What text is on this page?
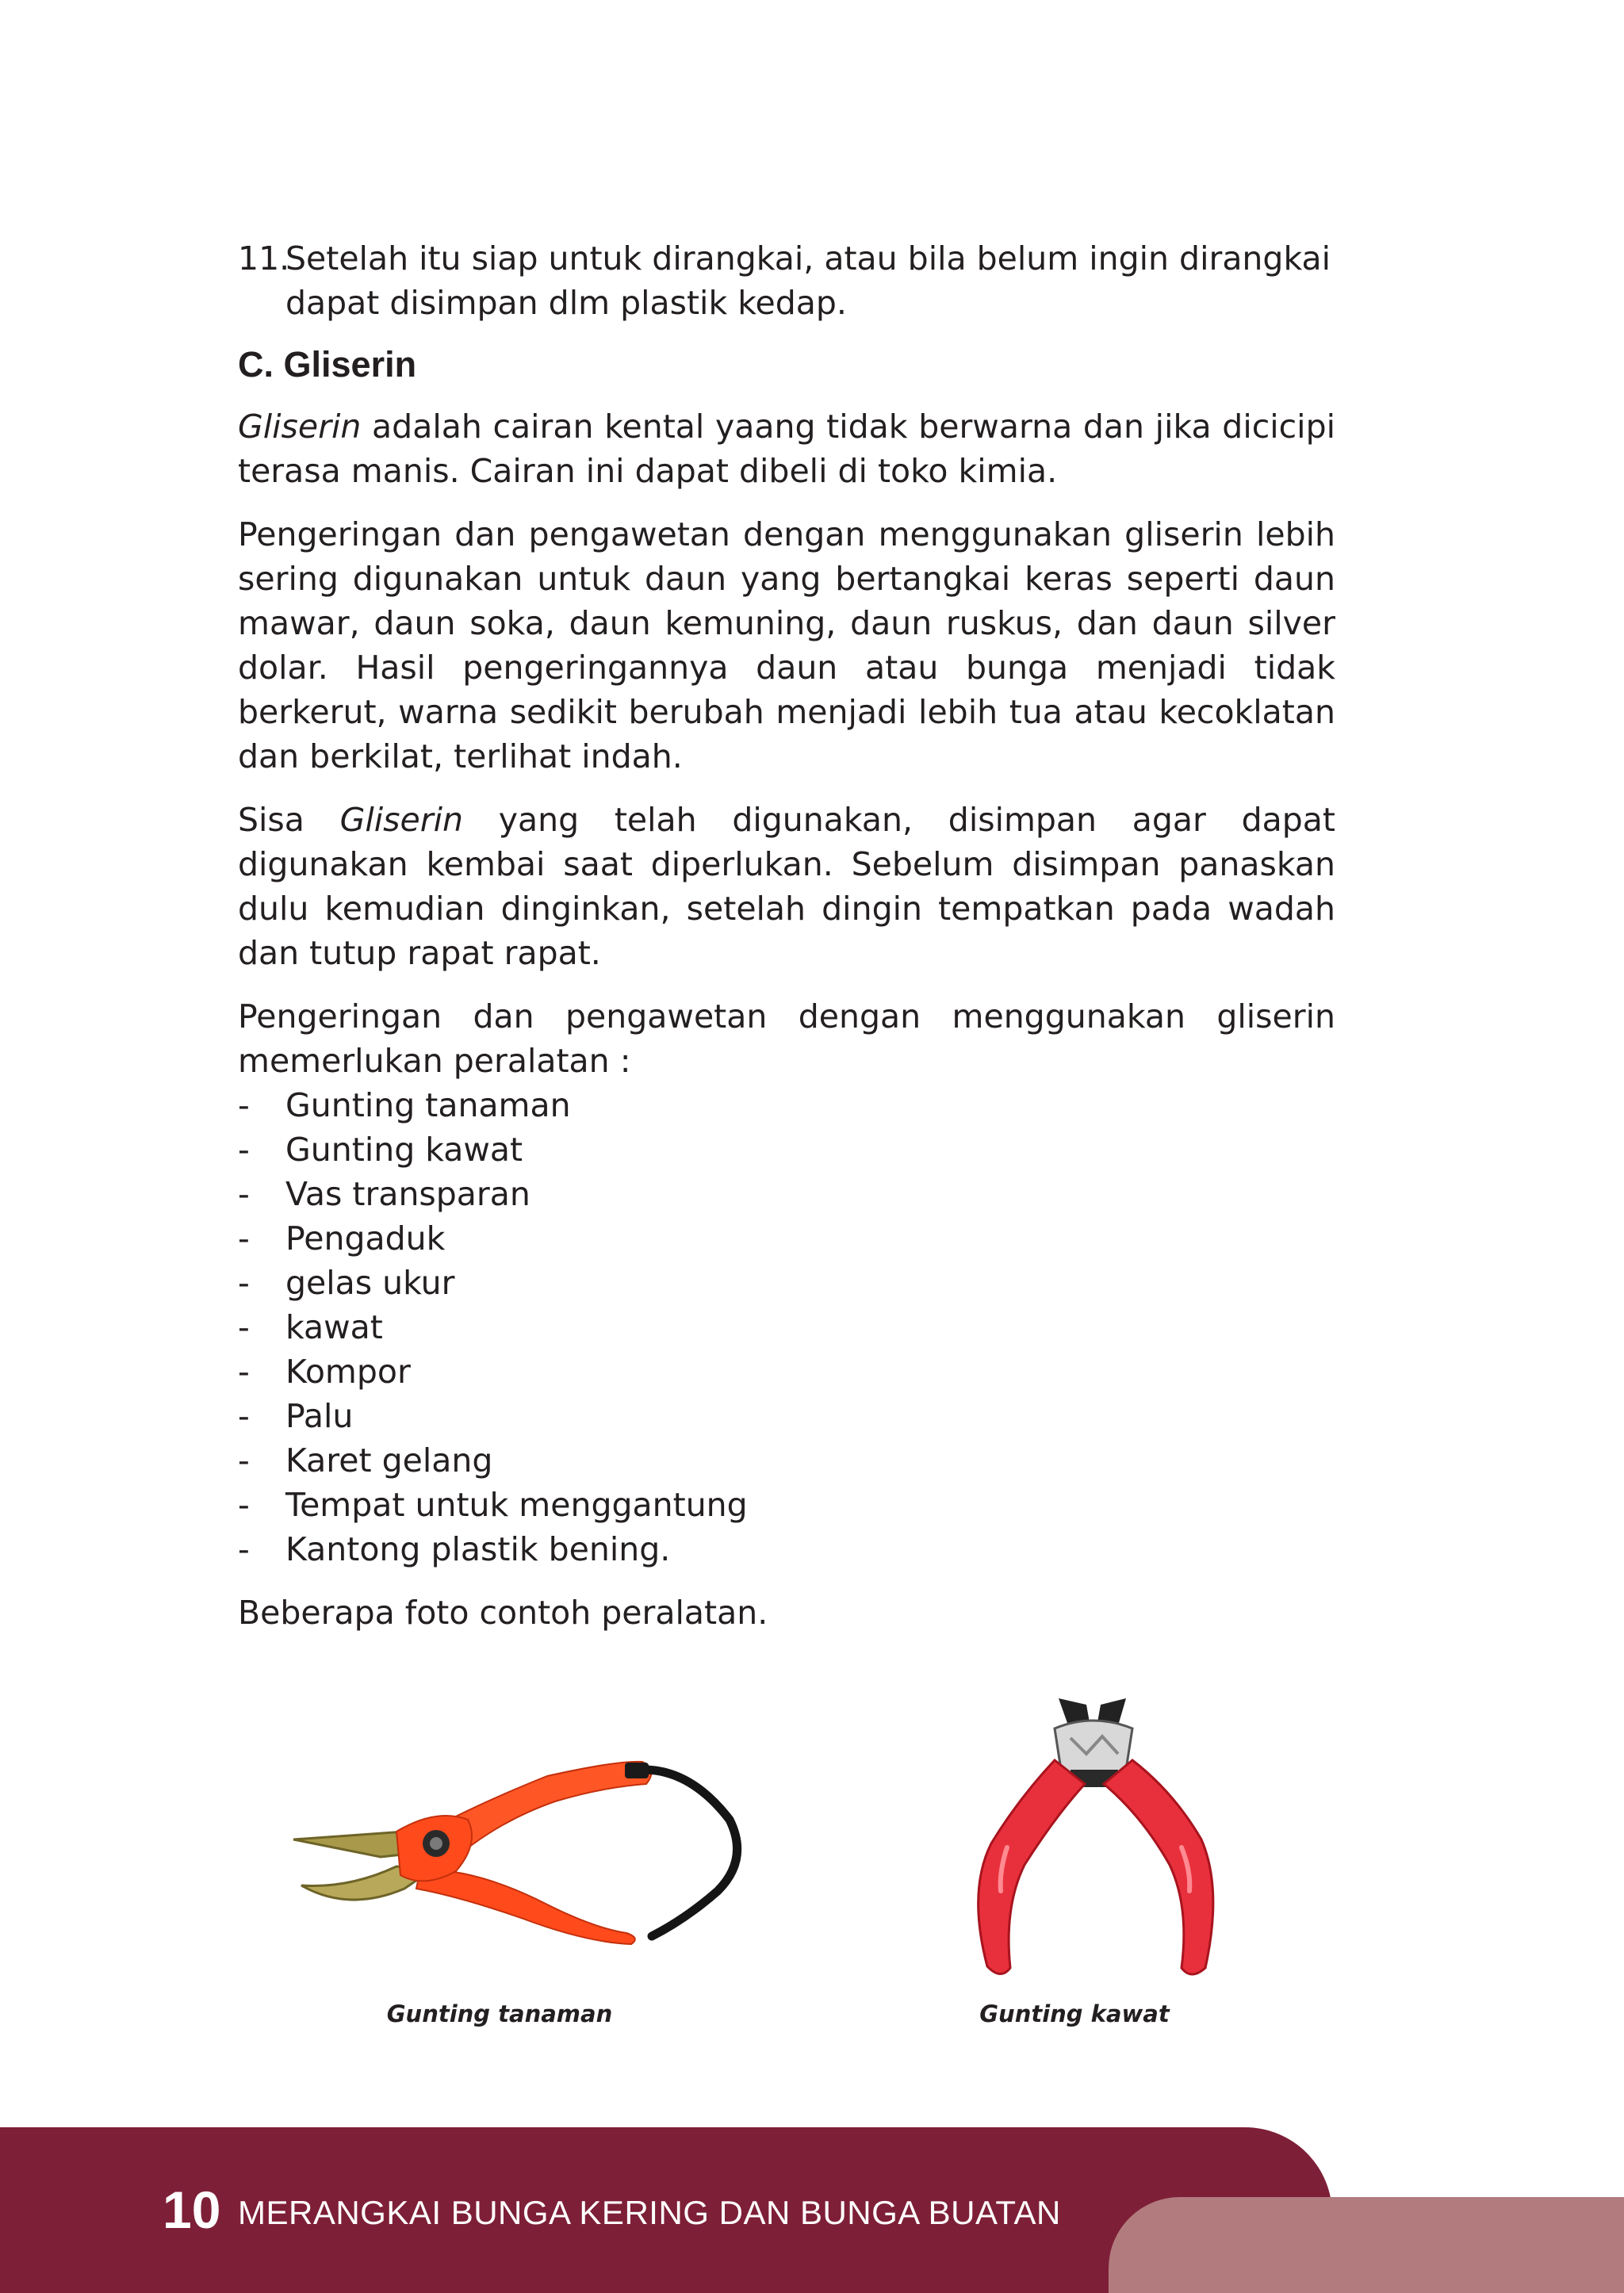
11.
Setelah itu siap untuk dirangkai, atau bila belum ingin dirangkai dapat disimpan dlm plastik kedap.
C. Gliserin

Gliserin adalah cairan kental yaang tidak berwarna dan jika dicicipi terasa manis. Cairan ini dapat dibeli di toko kimia.

Pengeringan dan pengawetan dengan menggunakan gliserin lebih sering digunakan untuk daun yang bertangkai keras seperti daun mawar, daun soka, daun kemuning, daun ruskus, dan daun silver dolar. Hasil pengeringannya daun atau bunga menjadi tidak berkerut, warna sedikit berubah menjadi lebih tua atau kecoklatan dan berkilat, terlihat indah.

Sisa Gliserin yang telah digunakan, disimpan agar dapat digunakan kembai saat diperlukan. Sebelum disimpan panaskan dulu kemudian dinginkan, setelah dingin tempatkan pada wadah dan tutup rapat rapat.

Pengeringan dan pengawetan dengan menggunakan gliserin memerlukan peralatan :

-	Gunting tanaman
-	Gunting kawat
-	Vas transparan
-	Pengaduk
-	gelas ukur
-	kawat
-	Kompor
-	Palu
-	Karet gelang
-	Tempat untuk menggantung
-	Kantong plastik bening.

Beberapa foto contoh peralatan.

Gunting tanaman	Gunting kawat
10 MERANGKAI BUNGA KERING DAN BUNGA BUATAN
